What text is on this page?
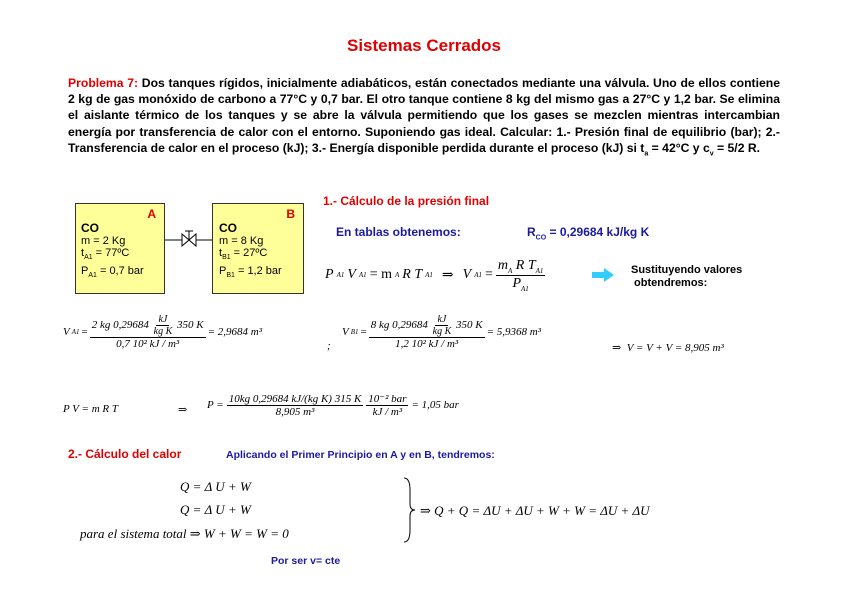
Sistemas Cerrados
Problema 7: Dos tanques rígidos, inicialmente adiabáticos, están conectados mediante una válvula. Uno de ellos contiene 2 kg de gas monóxido de carbono a 77°C y 0,7 bar. El otro tanque contiene 8 kg del mismo gas a 27°C y 1,2 bar. Se elimina el aislante térmico de los tanques y se abre la válvula permitiendo que los gases se mezclen mientras intercambian energía por transferencia de calor con el entorno. Suponiendo gas ideal. Calcular: 1.- Presión final de equilibrio (bar); 2.- Transferencia de calor en el proceso (kJ); 3.- Energía disponible perdida durante el proceso (kJ) si $t_a = 42^\circ C$ y $c_v = 5/2$ R.
A
CO
m = 2 Kg
$t_{A1}$ = 77ºC
$P_{A1} = 0,7$ bar
B
CO
m = 8 Kg
$t_{B1}$ = 27ºC
$P_{B1} = 1,2$ bar
1.- Cálculo de la presión final
En tablas obtenemos:	$R_{CO} = 0,29684$ kJ/kg K
P A1 V A1 = m A R T A1 ⇒ V $A1 = \frac{m_A R T_{A1}}{P_{A1}}$	Sustituyendo valores
obtendremos:
V $A1 = \frac{2 kg 0,29684 \frac{kJ}{\text{kg K}} 350 K}{\text{0,7 10² kJ / m³}} = 2,9684$ m³
;
V $B1 = \frac{8 kg 0,29684 \frac{kJ}{\text{kg K}} 350 K}{\text{1,2 10² kJ / m³}} = 5,9368$ m³
⇒  V = V + V = 8,905 m³
P V = m R T	⇒ $P = \frac{\text{10kg 0,29684 kJ/(kg K) 315 K}}{\text{8,905 m³}} \frac{\text{10⁻² bar}}{\text{kJ / m³}} = 1,05$ bar
2.- Cálculo del calor	Aplicando el Primer Principio en A y en B, tendremos:
Q = Δ U + W
Q = Δ U + W
para el sistema total ⇒ W + W = W = 0
⇒ Q + Q = ΔU + ΔU + W + W = ΔU + ΔU
Por ser v= cte
